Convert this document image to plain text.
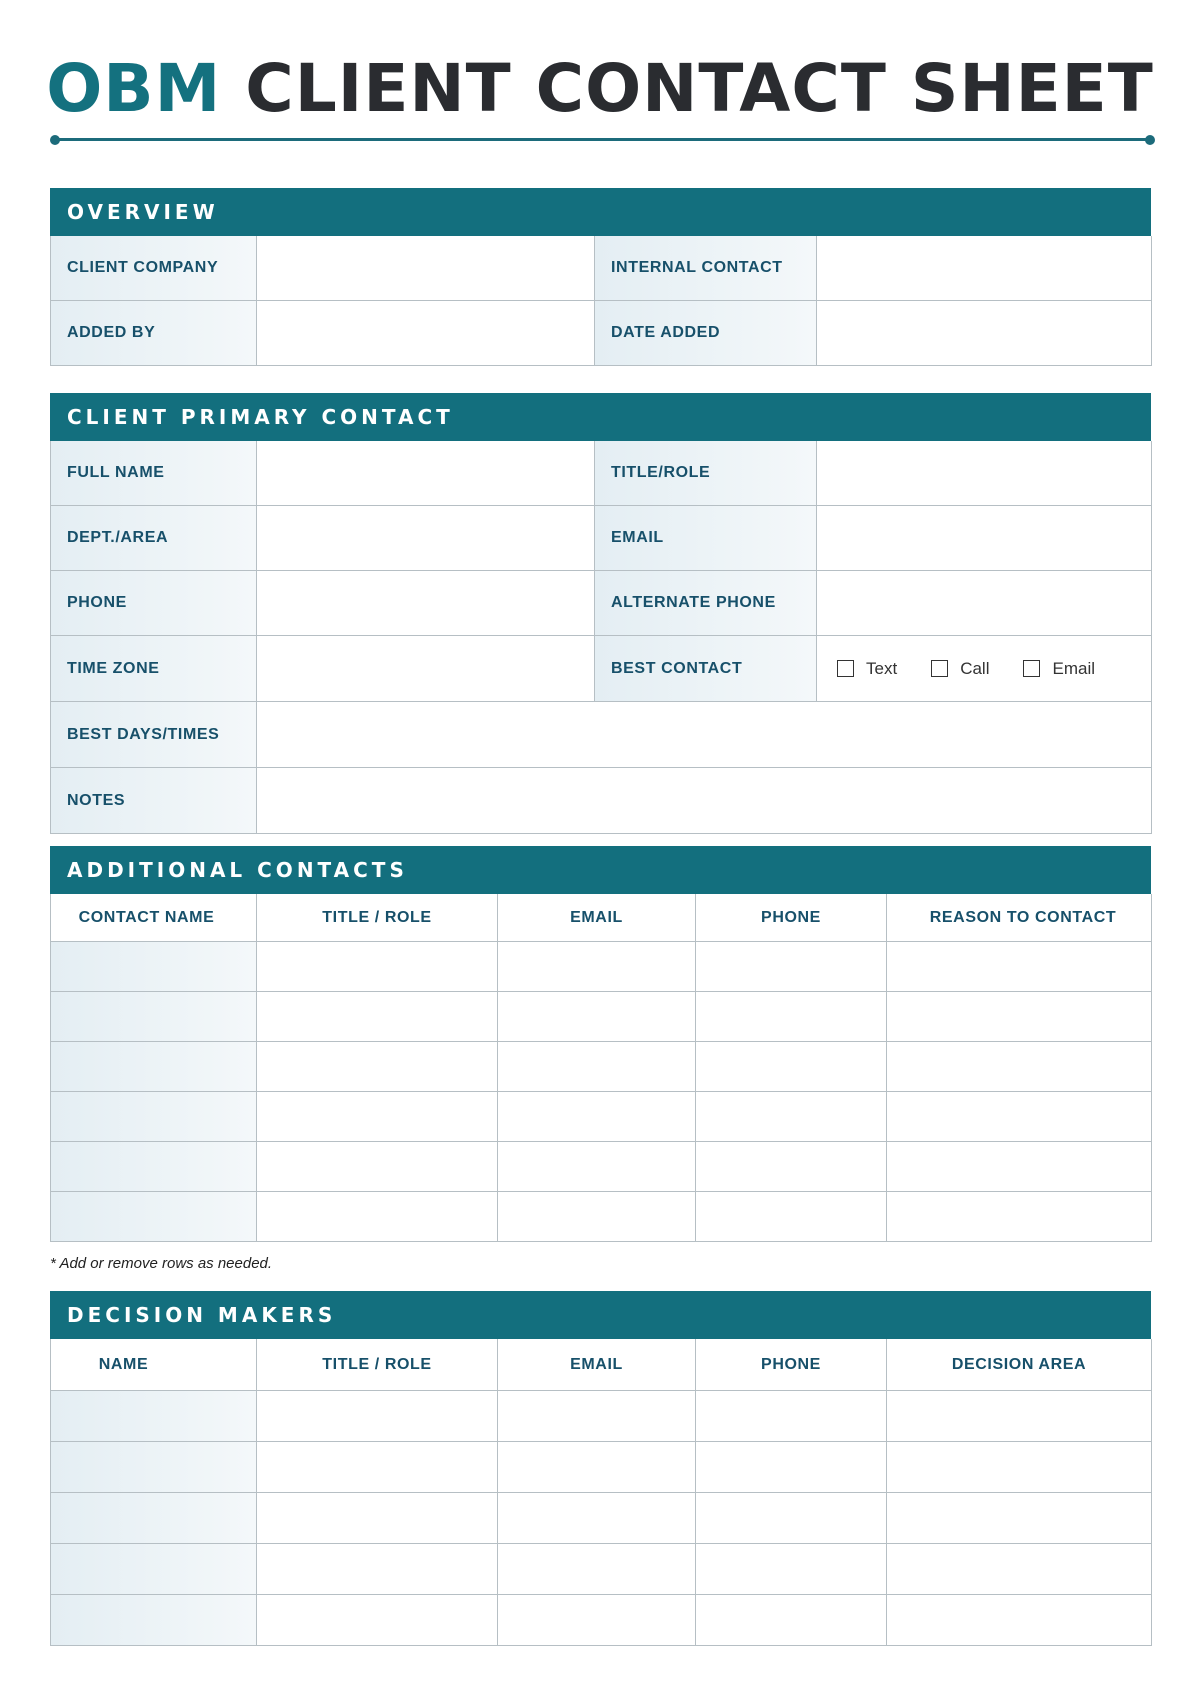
OBM CLIENT CONTACT SHEET
OVERVIEW
CLIENT COMPANY	INTERNAL CONTACT
ADDED BY	DATE ADDED
CLIENT PRIMARY CONTACT
FULL NAME	TITLE/ROLE
DEPT./AREA	EMAIL
PHONE	ALTERNATE PHONE
TIME ZONE	BEST CONTACT	Text	Call	Email
BEST DAYS/TIMES
NOTES
ADDITIONAL CONTACTS
CONTACT NAME	TITLE / ROLE	EMAIL	PHONE	REASON TO CONTACT
* Add or remove rows as needed.
DECISION MAKERS
NAME	TITLE / ROLE	EMAIL	PHONE	DECISION AREA
